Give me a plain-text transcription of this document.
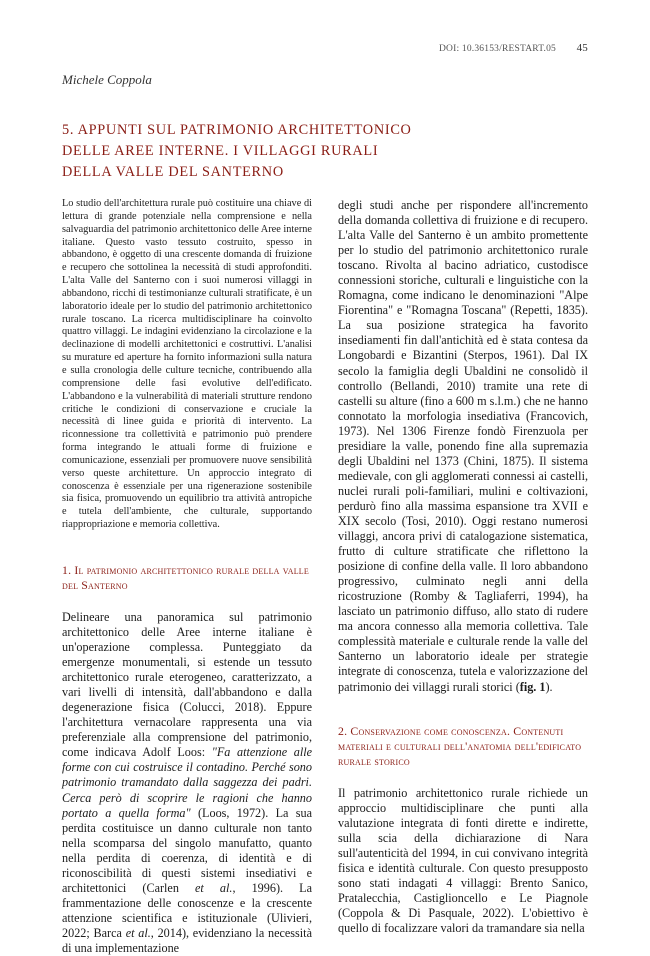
DOI: 10.36153/RESTART.05 45
Michele Coppola
5. APPUNTI SUL PATRIMONIO ARCHITETTONICO
DELLE AREE INTERNE. I VILLAGGI RURALI
DELLA VALLE DEL SANTERNO
Lo studio dell'architettura rurale può costituire una chiave di lettura di grande potenziale nella comprensione e nella salvaguardia del patrimonio architettonico delle Aree interne italiane. Questo vasto tessuto costruito, spesso in abbandono, è oggetto di una crescente domanda di fruizione e recupero che sottolinea la necessità di studi approfonditi. L'alta Valle del Santerno con i suoi numerosi villaggi in abbandono, ricchi di testimonianze culturali stratificate, è un laboratorio ideale per lo studio del patrimonio architettonico rurale toscano. La ricerca multidisciplinare ha coinvolto quattro villaggi. Le indagini evidenziano la circolazione e la declinazione di modelli architettonici e costruttivi. L'analisi su murature ed aperture ha fornito informazioni sulla natura e sulla cronologia delle culture tecniche, contribuendo alla comprensione delle fasi evolutive dell'edificato. L'abbandono e la vulnerabilità di materiali strutture rendono critiche le condizioni di conservazione e cruciale la necessità di linee guida e priorità di intervento. La riconnessione tra collettività e patrimonio può prendere forma integrando le attuali forme di fruizione e comunicazione, essenziali per promuovere nuove sensibilità verso queste architetture. Un approccio integrato di conoscenza è essenziale per una rigenerazione sostenibile sia fisica, promuovendo un equilibrio tra attività antropiche e tutela dell'ambiente, che culturale, supportando riappropriazione e memoria collettiva.
1. Il patrimonio architettonico rurale della valle del Santerno
Delineare una panoramica sul patrimonio architettonico delle Aree interne italiane è un'operazione complessa. Punteggiato da emergenze monumentali, si estende un tessuto architettonico rurale eterogeneo, caratterizzato, a vari livelli di intensità, dall'abbandono e dalla degenerazione fisica (Colucci, 2018). Eppure l'architettura vernacolare rappresenta una via preferenziale alla comprensione del patrimonio, come indicava Adolf Loos: "Fa attenzione alle forme con cui costruisce il contadino. Perché sono patrimonio tramandato dalla saggezza dei padri. Cerca però di scoprire le ragioni che hanno portato a quella forma" (Loos, 1972). La sua perdita costituisce un danno culturale non tanto nella scomparsa del singolo manufatto, quanto nella perdita di coerenza, di identità e di riconoscibilità di questi sistemi insediativi e architettonici (Carlen et al., 1996). La frammentazione delle conoscenze e la crescente attenzione scientifica e istituzionale (Ulivieri, 2022; Barca et al., 2014), evidenziano la necessità di una implementazione
degli studi anche per rispondere all'incremento della domanda collettiva di fruizione e di recupero. L'alta Valle del Santerno è un ambito promettente per lo studio del patrimonio architettonico rurale toscano. Rivolta al bacino adriatico, custodisce connessioni storiche, culturali e linguistiche con la Romagna, come indicano le denominazioni "Alpe Fiorentina" e "Romagna Toscana" (Repetti, 1835). La sua posizione strategica ha favorito insediamenti fin dall'antichità ed è stata contesa da Longobardi e Bizantini (Sterpos, 1961). Dal IX secolo la famiglia degli Ubaldini ne consolidò il controllo (Bellandi, 2010) tramite una rete di castelli su alture (fino a 600 m s.l.m.) che ne hanno connotato la morfologia insediativa (Francovich, 1973). Nel 1306 Firenze fondò Firenzuola per presidiare la valle, ponendo fine alla supremazia degli Ubaldini nel 1373 (Chini, 1875). Il sistema medievale, con gli agglomerati connessi ai castelli, nuclei rurali poli-familiari, mulini e coltivazioni, perdurò fino alla massima espansione tra XVII e XIX secolo (Tosi, 2010). Oggi restano numerosi villaggi, ancora privi di catalogazione sistematica, frutto di culture stratificate che riflettono la posizione di confine della valle. Il loro abbandono progressivo, culminato negli anni della ricostruzione (Romby & Tagliaferri, 1994), ha lasciato un patrimonio diffuso, allo stato di rudere ma ancora connesso alla memoria collettiva. Tale complessità materiale e culturale rende la valle del Santerno un laboratorio ideale per strategie integrate di conoscenza, tutela e valorizzazione del patrimonio dei villaggi rurali storici (fig. 1).
2. Conservazione come conoscenza. Contenuti materiali e culturali dell'anatomia dell'edificato rurale storico
Il patrimonio architettonico rurale richiede un approccio multidisciplinare che punti alla valutazione integrata di fonti dirette e indirette, sulla scia della dichiarazione di Nara sull'autenticità del 1994, in cui convivano integrità fisica e identità culturale. Con questo presupposto sono stati indagati 4 villaggi: Brento Sanico, Pratalecchia, Castiglioncello e Le Piagnole (Coppola & Di Pasquale, 2022). L'obiettivo è quello di focalizzare valori da tramandare sia nella
